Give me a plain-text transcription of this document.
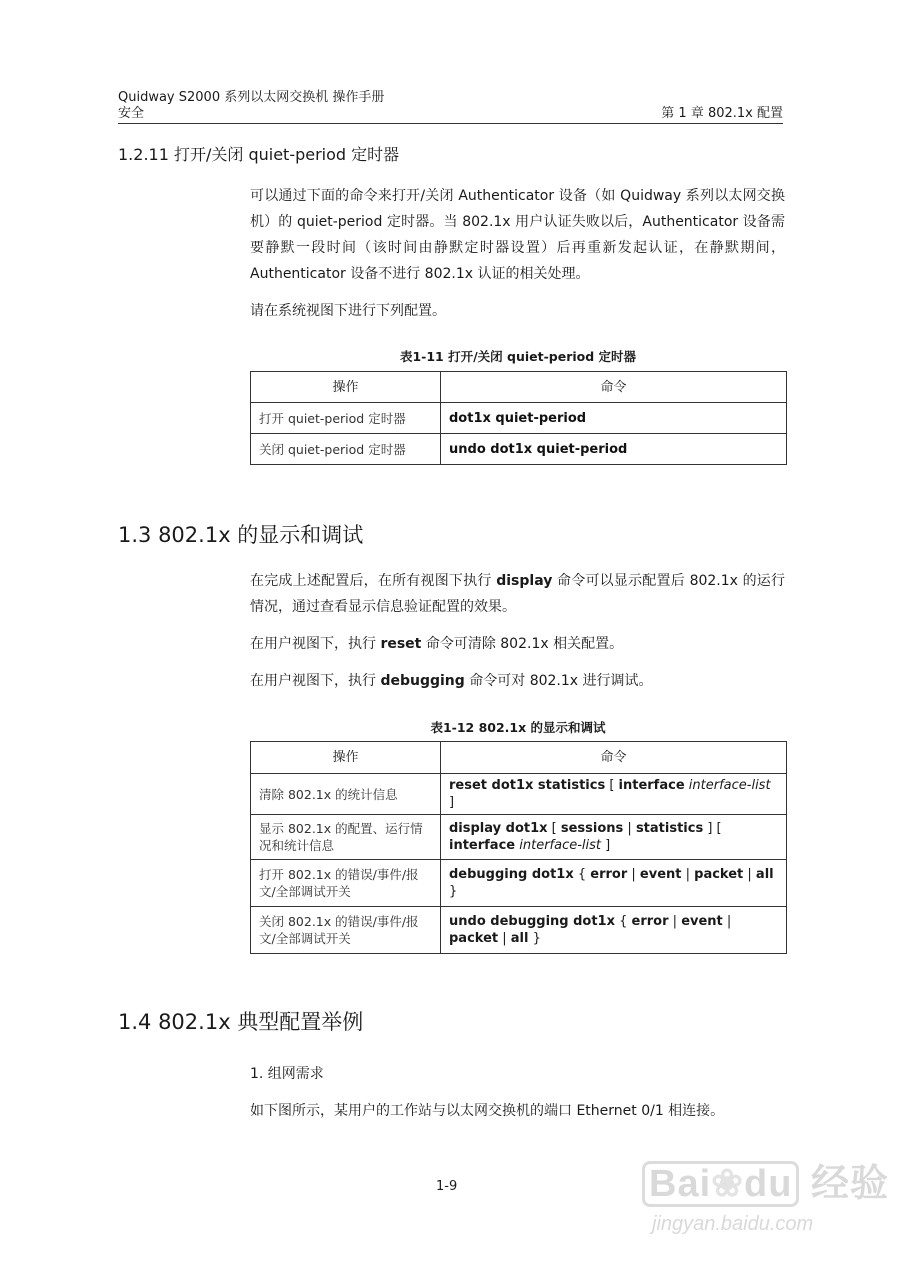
Quidway S2000 系列以太网交换机 操作手册
安全	第 1 章 802.1x 配置
1.2.11 打开/关闭 quiet-period 定时器

可以通过下面的命令来打开/关闭 Authenticator 设备（如 Quidway 系列以太网交换机）的 quiet-period 定时器。当 802.1x 用户认证失败以后，Authenticator 设备需要静默一段时间（该时间由静默定时器设置）后再重新发起认证，在静默期间，Authenticator 设备不进行 802.1x 认证的相关处理。

请在系统视图下进行下列配置。

表1-11 打开/关闭 quiet-period 定时器
操作	命令
打开 quiet-period 定时器	dot1x quiet-period
关闭 quiet-period 定时器	undo dot1x quiet-period
1.3 802.1x 的显示和调试

在完成上述配置后，在所有视图下执行 display 命令可以显示配置后 802.1x 的运行情况，通过查看显示信息验证配置的效果。

在用户视图下，执行 reset 命令可清除 802.1x 相关配置。

在用户视图下，执行 debugging 命令可对 802.1x 进行调试。

表1-12 802.1x 的显示和调试
操作	命令
清除 802.1x 的统计信息	reset dot1x statistics [ interface interface-list ]
显示 802.1x 的配置、运行情况和统计信息	display dot1x [ sessions | statistics ] [ interface interface-list ]
打开 802.1x 的错误/事件/报文/全部调试开关	debugging dot1x { error | event | packet | all }
关闭 802.1x 的错误/事件/报文/全部调试开关	undo debugging dot1x { error | event | packet | all }
1.4 802.1x 典型配置举例
1. 组网需求

如下图所示，某用户的工作站与以太网交换机的端口 Ethernet 0/1 相连接。

1-9	Bai❀du 经验
jingyan.baidu.com
